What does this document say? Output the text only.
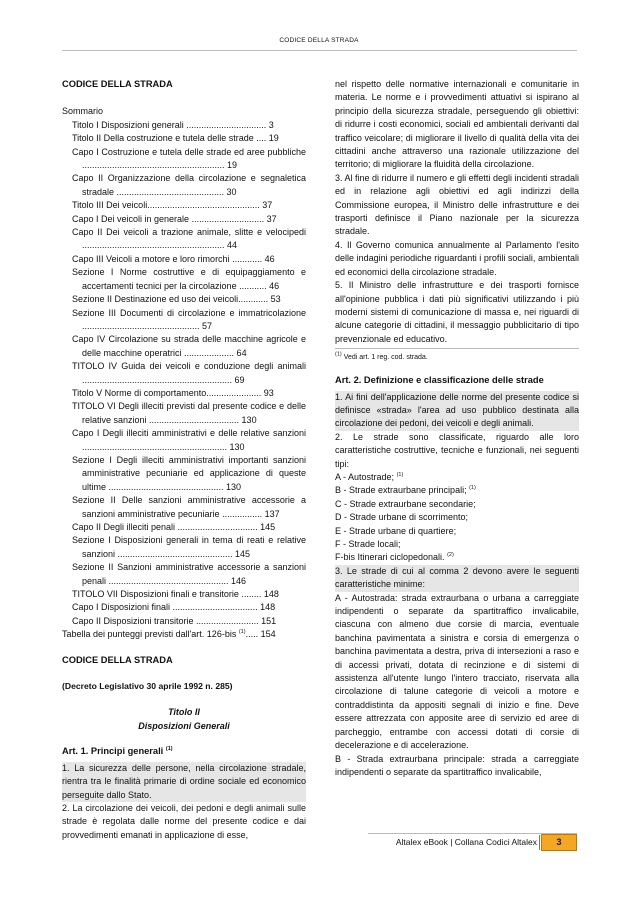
CODICE DELLA STRADA
CODICE DELLA STRADA
Sommario
Titolo I Disposizioni generali ................................ 3
Titolo II Della costruzione e tutela delle strade .... 19
Capo I Costruzione e tutela delle strade ed aree pubbliche ......................................................... 19
Capo II Organizzazione della circolazione e segnaletica stradale ........................................... 30
Titolo III Dei veicoli............................................. 37
Capo I Dei veicoli in generale ............................. 37
Capo II Dei veicoli a trazione animale, slitte e velocipedi ......................................................... 44
Capo III Veicoli a motore e loro rimorchi ............ 46
Sezione I Norme costruttive e di equipaggiamento e accertamenti tecnici per la circolazione ........... 46
Sezione II Destinazione ed uso dei veicoli............ 53
Sezione III Documenti di circolazione e immatricolazione ............................................... 57
Capo IV Circolazione su strada delle macchine agricole e delle macchine operatrici .................... 64
TITOLO IV Guida dei veicoli e conduzione degli animali ............................................................ 69
Titolo V Norme di comportamento...................... 93
TITOLO VI Degli illeciti previsti dal presente codice e delle relative sanzioni .................................... 130
Capo I Degli illeciti amministrativi e delle relative sanzioni .......................................................... 130
Sezione I Degli illeciti amministrativi importanti sanzioni amministrative pecuniarie ed applicazione di queste ultime .............................................. 130
Sezione II Delle sanzioni amministrative accessorie a sanzioni amministrative pecuniarie ................ 137
Capo II Degli illeciti penali ................................ 145
Sezione I Disposizioni generali in tema di reati e relative sanzioni .............................................. 145
Sezione II Sanzioni amministrative accessorie a sanzioni penali ................................................ 146
TITOLO VII Disposizioni finali e transitorie ........ 148
Capo I Disposizioni finali .................................. 148
Capo II Disposizioni transitorie ......................... 151
Tabella dei punteggi previsti dall'art. 126-bis $^{(1)}$..... 154
CODICE DELLA STRADA
(Decreto Legislativo 30 aprile 1992 n. 285)
Titolo II
Disposizioni Generali
Art. 1. Principi generali $^{(1)}$

1. La sicurezza delle persone, nella circolazione stradale, rientra tra le finalità primarie di ordine sociale ed economico perseguite dallo Stato.

2. La circolazione dei veicoli, dei pedoni e degli animali sulle strade è regolata dalle norme del presente codice e dai provvedimenti emanati in applicazione di esse,

nel rispetto delle normative internazionali e comunitarie in materia. Le norme e i provvedimenti attuativi si ispirano al principio della sicurezza stradale, perseguendo gli obiettivi: di ridurre i costi economici, sociali ed ambientali derivanti dal traffico veicolare; di migliorare il livello di qualità della vita dei cittadini anche attraverso una razionale utilizzazione del territorio; di migliorare la fluidità della circolazione.

3. Al fine di ridurre il numero e gli effetti degli incidenti stradali ed in relazione agli obiettivi ed agli indirizzi della Commissione europea, il Ministro delle infrastrutture e dei trasporti definisce il Piano nazionale per la sicurezza stradale.

4. Il Governo comunica annualmente al Parlamento l'esito delle indagini periodiche riguardanti i profili sociali, ambientali ed economici della circolazione stradale.

5. Il Ministro delle infrastrutture e dei trasporti fornisce all'opinione pubblica i dati più significativi utilizzando i più moderni sistemi di comunicazione di massa e, nei riguardi di alcune categorie di cittadini, il messaggio pubblicitario di tipo prevenzionale ed educativo.

$^{(1)}$ Vedi art. 1 reg. cod. strada.
Art. 2. Definizione e classificazione delle strade

1. Ai fini dell'applicazione delle norme del presente codice si definisce «strada» l'area ad uso pubblico destinata alla circolazione dei pedoni, dei veicoli e degli animali.

2. Le strade sono classificate, riguardo alle loro caratteristiche costruttive, tecniche e funzionali, nei seguenti tipi:

A - Autostrade; $^{(1)}$
B - Strade extraurbane principali; $^{(1)}$
C - Strade extraurbane secondarie;
D - Strade urbane di scorrimento;
E - Strade urbane di quartiere;
F - Strade locali;
F-bis Itinerari ciclopedonali. $^{(2)}$

3. Le strade di cui al comma 2 devono avere le seguenti caratteristiche minime:

A - Autostrada: strada extraurbana o urbana a carreggiate indipendenti o separate da spartitraffico invalicabile, ciascuna con almeno due corsie di marcia, eventuale banchina pavimentata a sinistra e corsia di emergenza o banchina pavimentata a destra, priva di intersezioni a raso e di accessi privati, dotata di recinzione e di sistemi di assistenza all'utente lungo l'intero tracciato, riservata alla circolazione di talune categorie di veicoli a motore e contraddistinta da appositi segnali di inizio e fine. Deve essere attrezzata con apposite aree di servizio ed aree di parcheggio, entrambe con accessi dotati di corsie di decelerazione e di accelerazione.

B - Strada extraurbana principale: strada a carreggiate indipendenti o separate da spartitraffico invalicabile,

Altalex eBook | Collana Codici Altalex	3
